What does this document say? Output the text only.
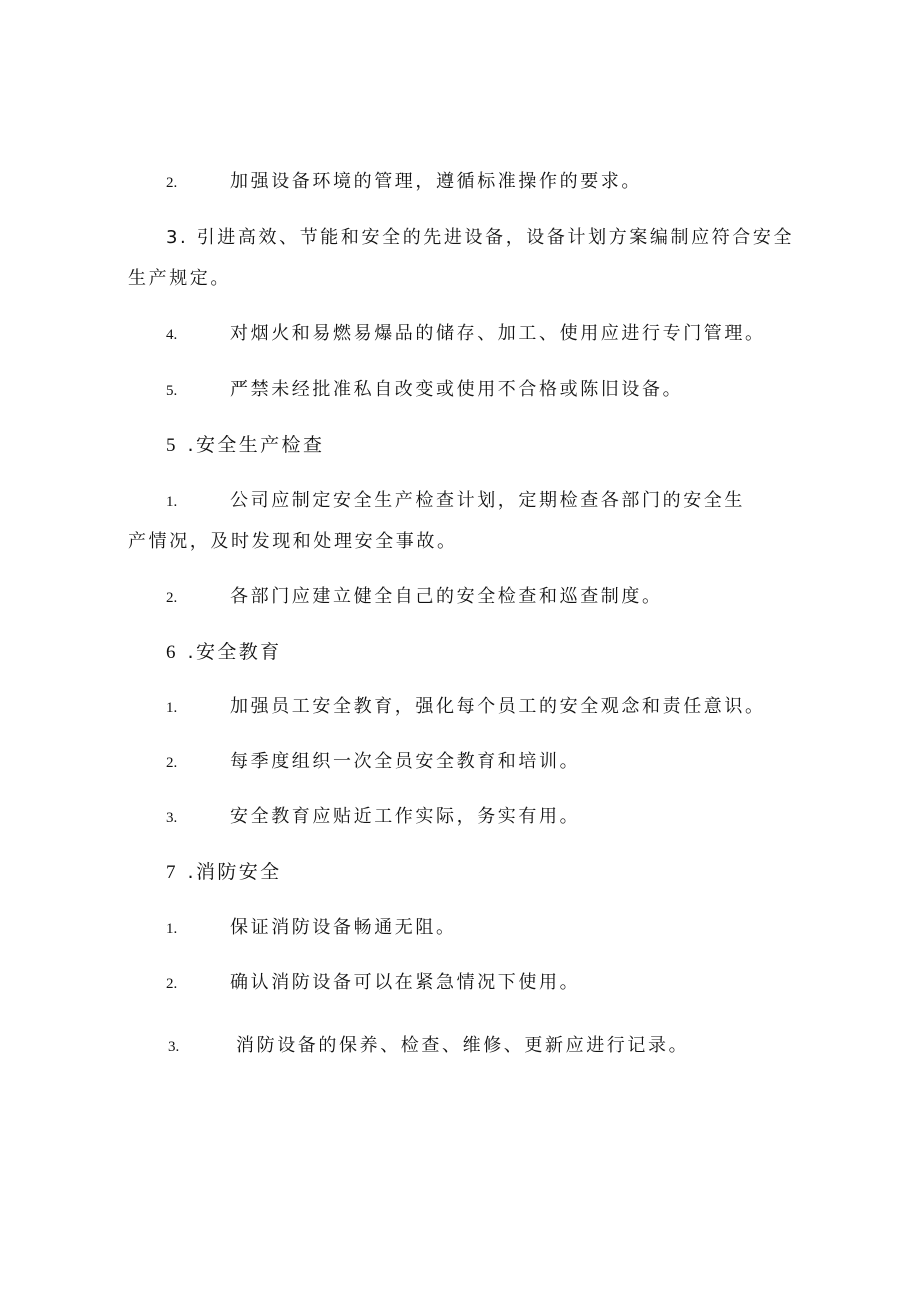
2.	加强设备环境的管理，遵循标准操作的要求。
3. 引进高效、节能和安全的先进设备，设备计划方案编制应符合安全
生产规定。
4.	对烟火和易燃易爆品的储存、加工、使用应进行专门管理。
5.	严禁未经批准私自改变或使用不合格或陈旧设备。
5 .安全生产检查
1.	公司应制定安全生产检查计划，定期检查各部门的安全生
产情况，及时发现和处理安全事故。
2.	各部门应建立健全自己的安全检查和巡查制度。
6 .安全教育
1.	加强员工安全教育，强化每个员工的安全观念和责任意识。
2.	每季度组织一次全员安全教育和培训。
3.	安全教育应贴近工作实际，务实有用。
7 .消防安全
1.	保证消防设备畅通无阻。
2.	确认消防设备可以在紧急情况下使用。
3.	消防设备的保养、检查、维修、更新应进行记录。
